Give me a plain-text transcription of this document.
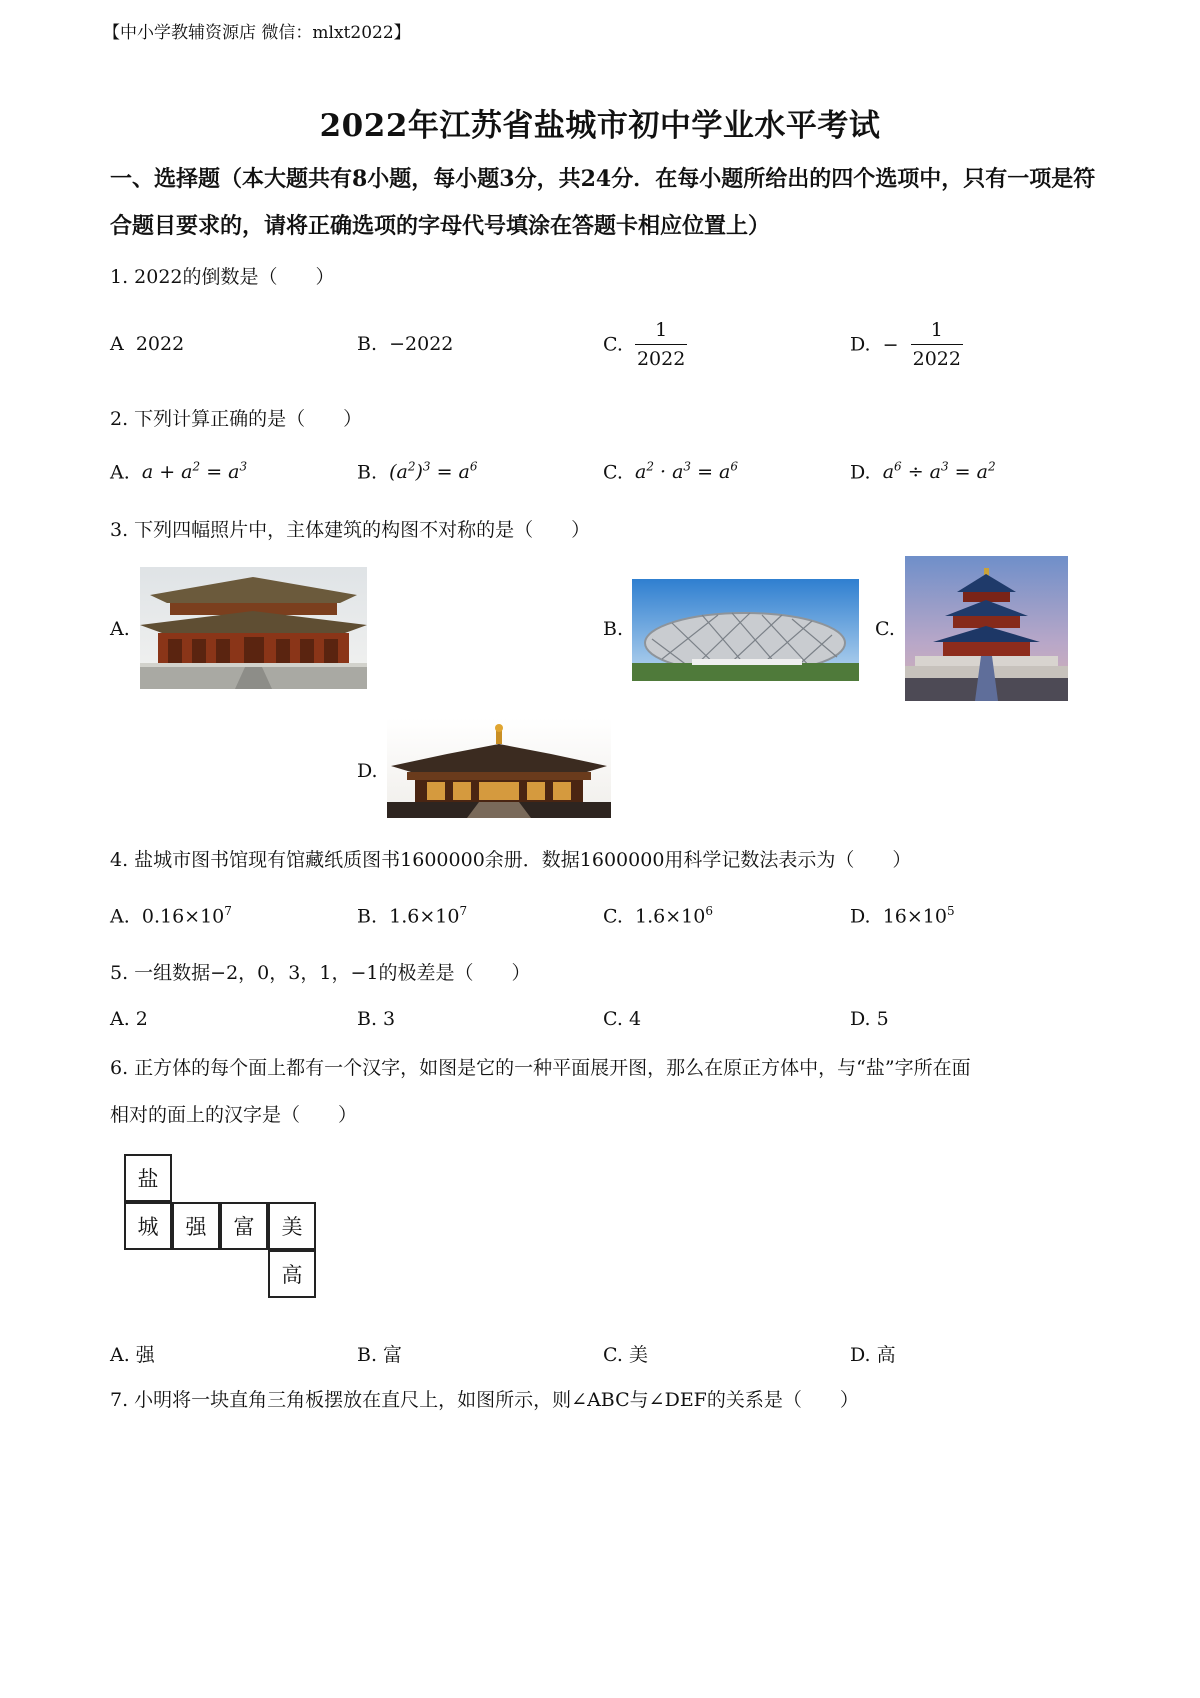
【中小学教辅资源店 微信：mlxt2022】
2022年江苏省盐城市初中学业水平考试
一、选择题（本大题共有8小题，每小题3分，共24分．在每小题所给出的四个选项中，只有一项是符合题目要求的，请将正确选项的字母代号填涂在答题卡相应位置上）
1. 2022的倒数是（　　）
A 2022	B. −2022	C. $\frac{1}{2022}$	D. − $\frac{1}{2022}$
2. 下列计算正确的是（　　）
A. $a + a^2 = a^3$	B. $(a^2)^3 = a^6$	C. $a^2 \cdot a^3 = a^6$	D. $a^6 \div a^3 = a^2$
3. 下列四幅照片中，主体建筑的构图不对称的是（　　）
A.	B.	C.
D.
4. 盐城市图书馆现有馆藏纸质图书1600000余册．数据1600000用科学记数法表示为（　　）
A. $0.16\times 10^7$	B. $1.6\times 10^7$	C. $1.6\times 10^6$	D. $16\times 10^5$
5. 一组数据−2，0，3，1，−1的极差是（　　）
A. 2	B. 3	C. 4	D. 5
6. 正方体的每个面上都有一个汉字，如图是它的一种平面展开图，那么在原正方体中，与“盐”字所在面
相对的面上的汉字是（　　）
盐
城	强	富	美
高
A. 强	B. 富	C. 美	D. 高
7. 小明将一块直角三角板摆放在直尺上，如图所示，则∠ABC与∠DEF的关系是（　　）
